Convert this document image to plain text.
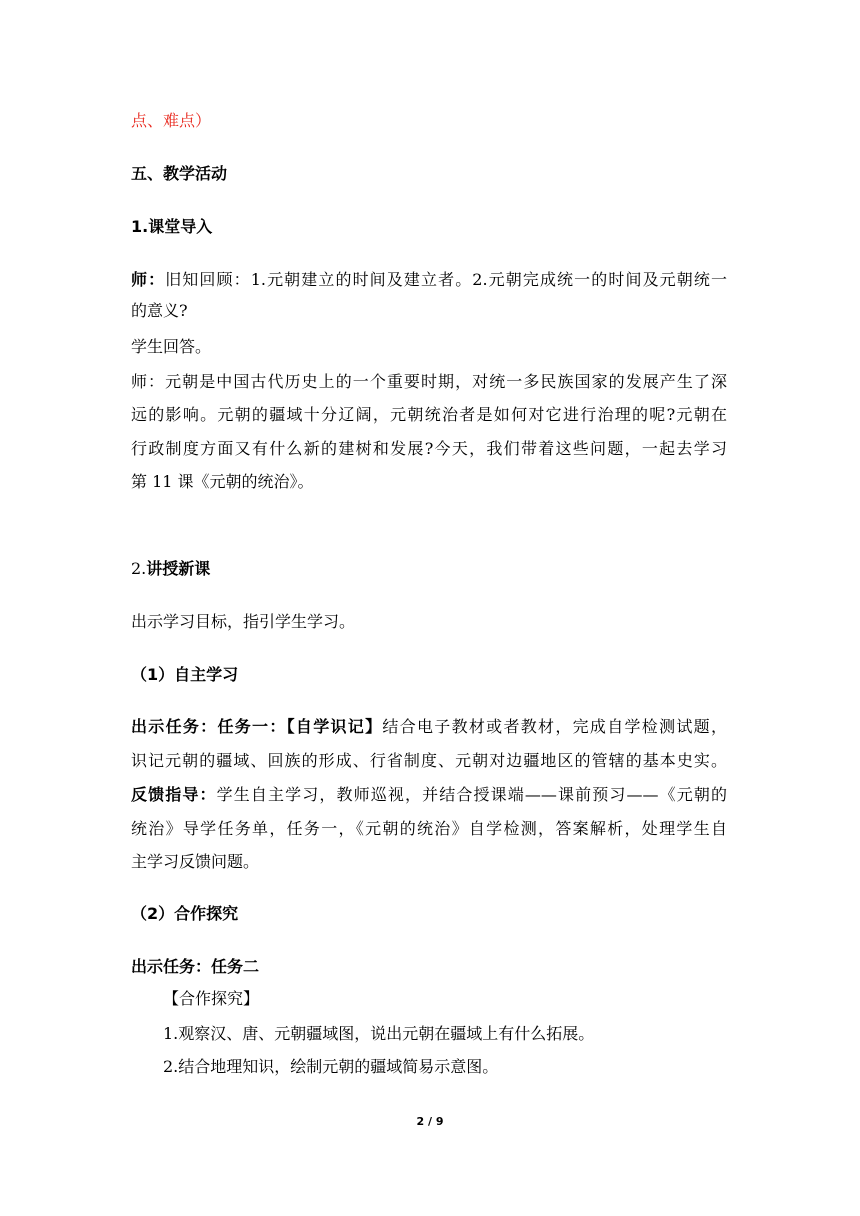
点、难点）
五、教学活动
1.课堂导入
师：旧知回顾：1.元朝建立的时间及建立者。2.元朝完成统一的时间及元朝统一
的意义?
学生回答。
师：元朝是中国古代历史上的一个重要时期，对统一多民族国家的发展产生了深
远的影响。元朝的疆域十分辽阔，元朝统治者是如何对它进行治理的呢?元朝在
行政制度方面又有什么新的建树和发展?今天，我们带着这些问题，一起去学习
第 11 课《元朝的统治》。
2.讲授新课
出示学习目标，指引学生学习。
（1）自主学习
出示任务：任务一：【自学识记】结合电子教材或者教材，完成自学检测试题，
识记元朝的疆域、回族的形成、行省制度、元朝对边疆地区的管辖的基本史实。
反馈指导：学生自主学习，教师巡视，并结合授课端——课前预习——《元朝的
统治》导学任务单，任务一，《元朝的统治》自学检测，答案解析，处理学生自
主学习反馈问题。
（2）合作探究
出示任务：任务二
【合作探究】
1.观察汉、唐、元朝疆域图，说出元朝在疆域上有什么拓展。
2.结合地理知识，绘制元朝的疆域简易示意图。
2 / 9
